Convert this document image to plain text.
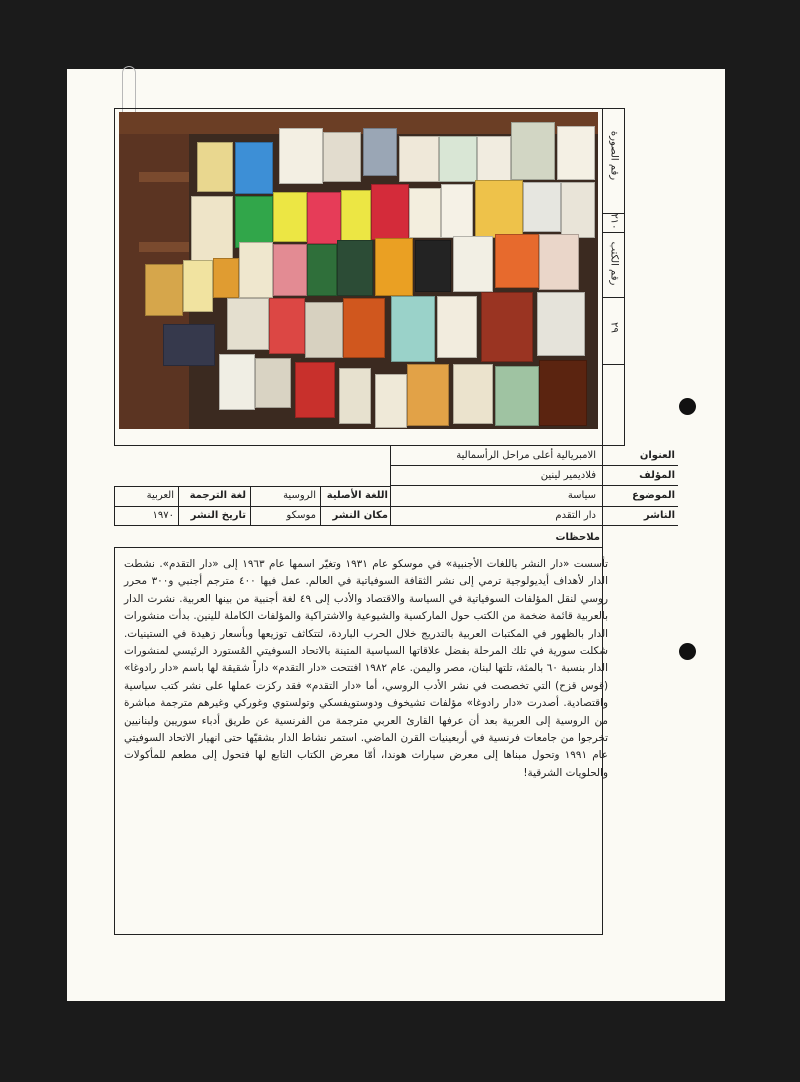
رقم الصورة
٢١٠
رقم الكتب
٢٩
العنوان
الامبريالية أعلى مراحل الرأسمالية
المؤلف
فلاديمير لينين
الموضوع
سياسة
الناشر
دار التقدم
اللغة الأصلية
الروسية
لغة الترجمة
العربية
مكان النشر
موسكو
تاريخ النشر
١٩٧٠
ملاحظات
تأسست «دار النشر باللغات الأجنبية» في موسكو عام ١٩٣١ وتغيّر اسمها عام ١٩٦٣ إلى «دار التقدم». نشطت الدار لأهداف أيديولوجية ترمي إلى نشر الثقافة السوفياتية في العالم. عمل فيها ٤٠٠ مترجم أجنبي و٣٠٠ محرر روسي لنقل المؤلفات السوفياتية في السياسة والاقتصاد والأدب إلى ٤٩ لغة أجنبية من بينها العربية. نشرت الدار بالعربية قائمة ضخمة من الكتب حول الماركسية والشيوعية والاشتراكية والمؤلفات الكاملة للينين. بدأت منشورات الدار بالظهور في المكتبات العربية بالتدريج خلال الحرب الباردة، لتتكاثف توزيعها وبأسعار زهيدة في الستينيات. شكلت سورية في تلك المرحلة بفضل علاقاتها السياسية المتينة بالاتحاد السوفيتي المُستورد الرئيسي لمنشورات الدار بنسبة ٦٠ بالمئة، تلتها لبنان، مصر واليمن. عام ١٩٨٢ افتتحت «دار التقدم» داراً شقيقة لها باسم «دار رادوغا» (قوس قزح) التي تخصصت في نشر الأدب الروسي، أما «دار التقدم» فقد ركزت عملها على نشر كتب سياسية واقتصادية. أصدرت «دار رادوغا» مؤلفات تشيخوف ودوستويفسكي وتولستوي وغوركي وغيرهم مترجمة مباشرة من الروسية إلى العربية بعد أن عرفها القارئ العربي مترجمة من الفرنسية عن طريق أدباء سوريين ولبنانيين تخرجوا من جامعات فرنسية في أربعينيات القرن الماضي. استمر نشاط الدار بشقيّها حتى انهيار الاتحاد السوفيتي عام ١٩٩١ وتحول مبناها إلى معرض سيارات هوندا، أمّا معرض الكتاب التابع لها فتحول إلى مطعم للمأكولات والحلويات الشرقية!
